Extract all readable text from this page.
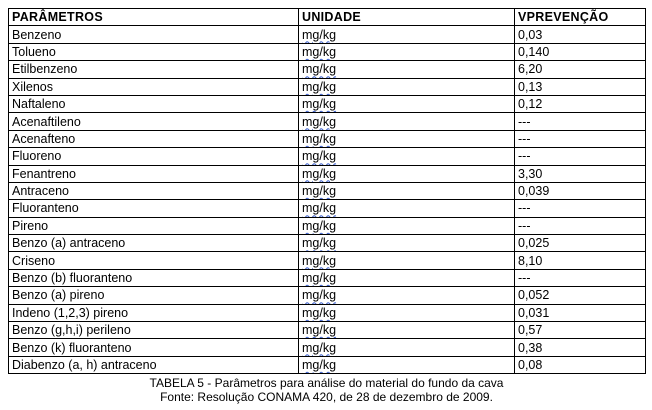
PARÂMETROS	UNIDADE	VPREVENÇÃO
Benzeno	mg/kg	0,03
Tolueno	mg/kg	0,140
Etilbenzeno	mg/kg	6,20
Xilenos	mg/kg	0,13
Naftaleno	mg/kg	0,12
Acenaftileno	mg/kg	---
Acenafteno	mg/kg	---
Fluoreno	mg/kg	---
Fenantreno	mg/kg	3,30
Antraceno	mg/kg	0,039
Fluoranteno	mg/kg	---
Pireno	mg/kg	---
Benzo (a) antraceno	mg/kg	0,025
Criseno	mg/kg	8,10
Benzo (b) fluoranteno	mg/kg	---
Benzo (a) pireno	mg/kg	0,052
Indeno (1,2,3) pireno	mg/kg	0,031
Benzo (g,h,i) perileno	mg/kg	0,57
Benzo (k) fluoranteno	mg/kg	0,38
Diabenzo (a, h) antraceno	mg/kg	0,08
TABELA 5 - Parâmetros para análise do material do fundo da cava
Fonte: Resolução CONAMA 420, de 28 de dezembro de 2009.
